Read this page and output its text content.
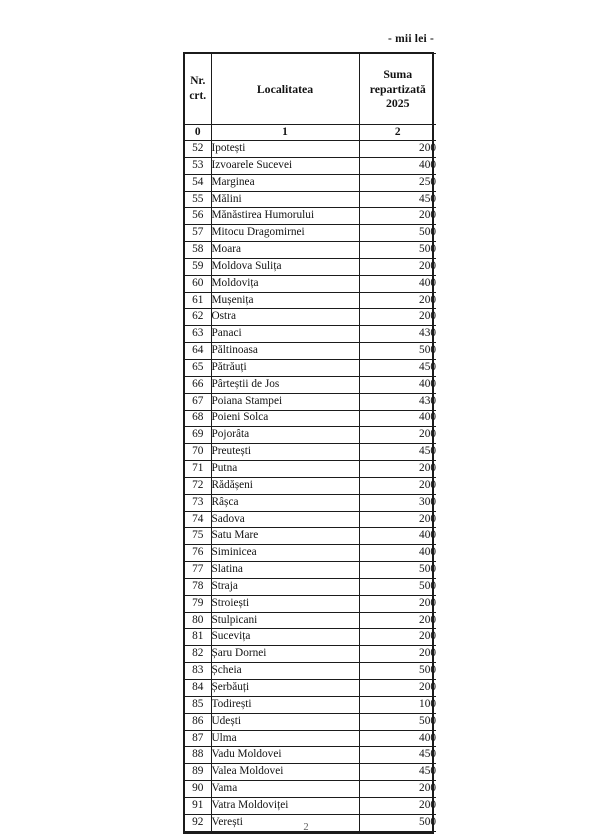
- mii lei -
Nr.
crt.	Localitatea	Suma
repartizată
2025
0	1	2
52	Ipotești	200
53	Izvoarele Sucevei	400
54	Marginea	250
55	Mălini	450
56	Mănăstirea Humorului	200
57	Mitocu Dragomirnei	500
58	Moara	500
59	Moldova Sulița	200
60	Moldovița	400
61	Mușenița	200
62	Ostra	200
63	Panaci	430
64	Păltinoasa	500
65	Pătrăuți	450
66	Pârteștii de Jos	400
67	Poiana Stampei	430
68	Poieni Solca	400
69	Pojorâta	200
70	Preutești	450
71	Putna	200
72	Rădășeni	200
73	Râșca	300
74	Sadova	200
75	Satu Mare	400
76	Siminicea	400
77	Slatina	500
78	Straja	500
79	Stroiești	200
80	Stulpicani	200
81	Sucevița	200
82	Șaru Dornei	200
83	Șcheia	500
84	Șerbăuți	200
85	Todirești	100
86	Udești	500
87	Ulma	400
88	Vadu Moldovei	450
89	Valea Moldovei	450
90	Vama	200
91	Vatra Moldoviței	200
92	Verești	500
2
